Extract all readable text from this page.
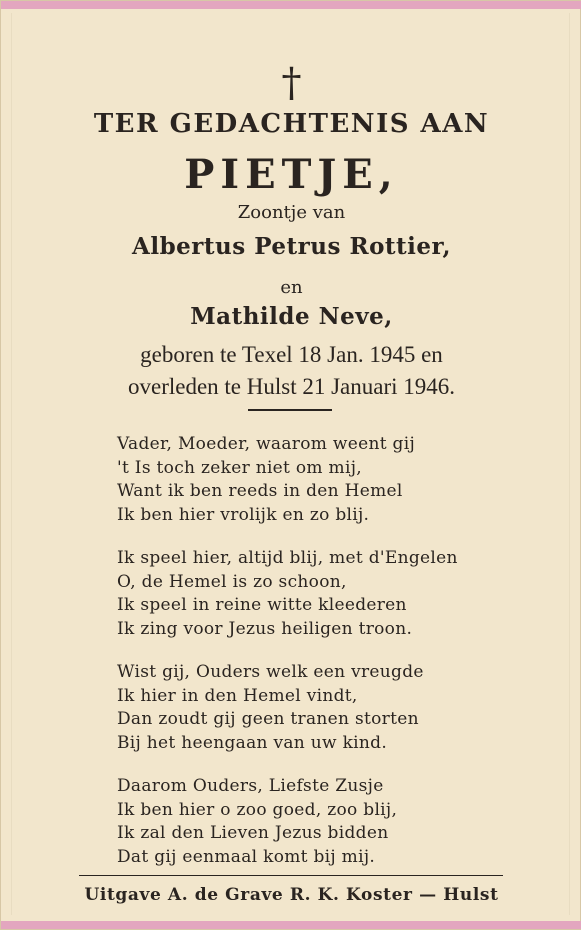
†
TER GEDACHTENIS AAN
PIETJE,
Zoontje van
Albertus Petrus Rottier,
en
Mathilde Neve,
geboren te Texel 18 Jan. 1945 en
overleden te Hulst 21 Januari 1946.
Vader, Moeder, waarom weent gij
't Is toch zeker niet om mij,
Want ik ben reeds in den Hemel
Ik ben hier vrolijk en zo blij.
Ik speel hier, altijd blij, met d'Engelen
O, de Hemel is zo schoon,
Ik speel in reine witte kleederen
Ik zing voor Jezus heiligen troon.
Wist gij, Ouders welk een vreugde
Ik hier in den Hemel vindt,
Dan zoudt gij geen tranen storten
Bij het heengaan van uw kind.
Daarom Ouders, Liefste Zusje
Ik ben hier o zoo goed, zoo blij,
Ik zal den Lieven Jezus bidden
Dat gij eenmaal komt bij mij.
Uitgave A. de Grave R. K. Koster — Hulst
